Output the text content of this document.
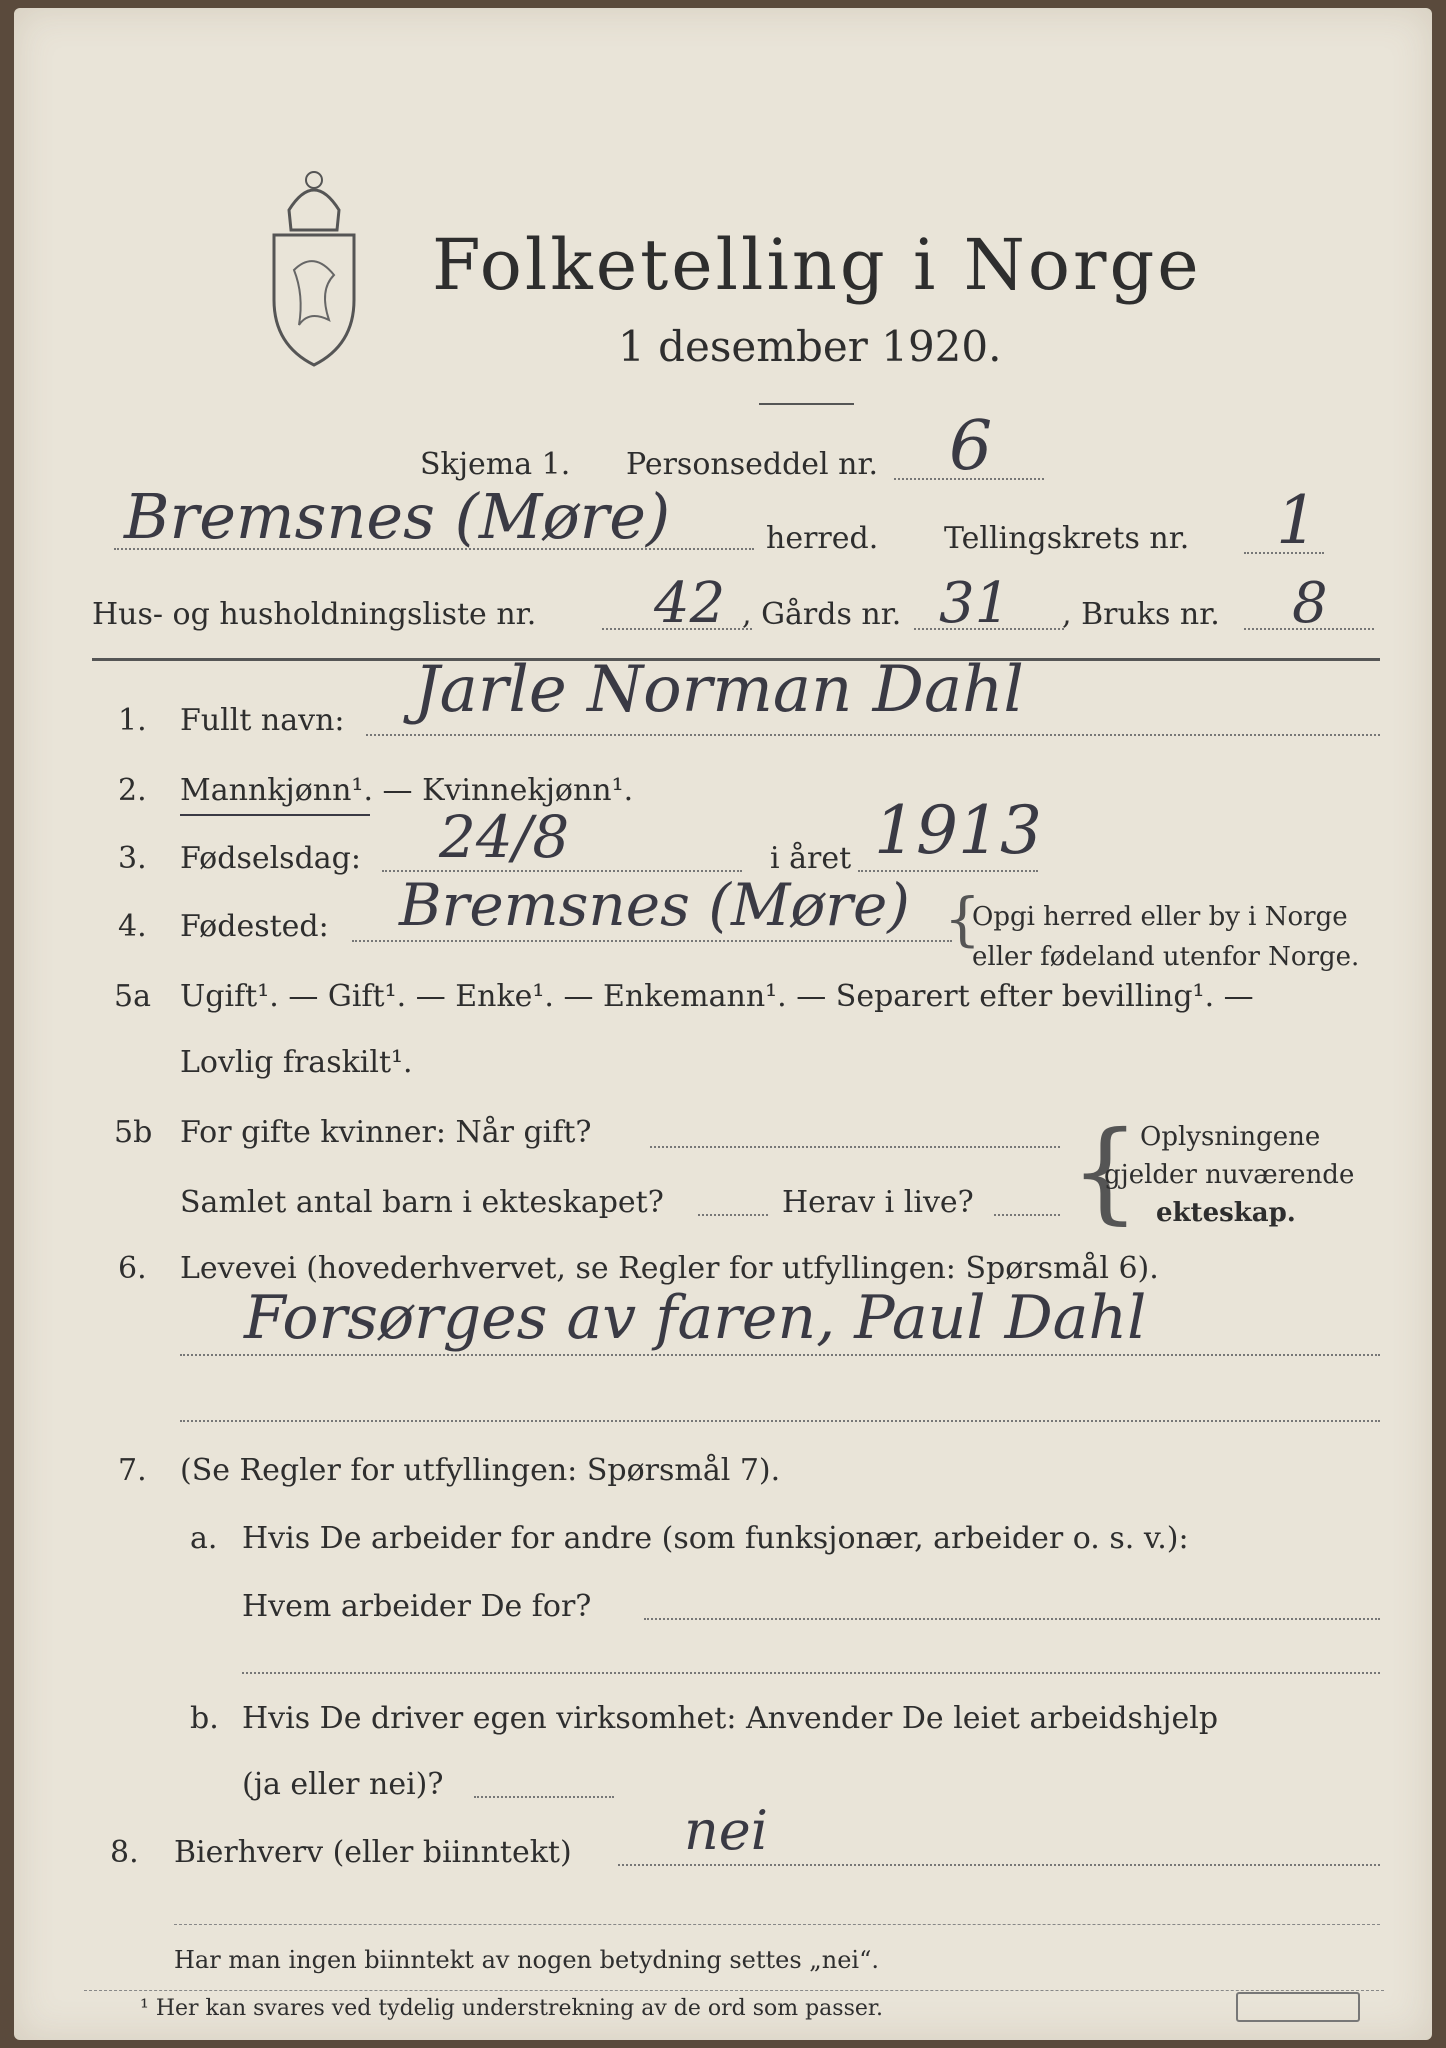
Folketelling i Norge
1 desember 1920.
Skjema 1. Personseddel nr. 6
Bremsnes (Møre)	herred. Tellingskrets nr. 1
Hus- og husholdningsliste nr. 42 , Gårds nr. 31 , Bruks nr. 8
1. Fullt navn: Jarle Norman Dahl
2. Mannkjønn¹. — Kvinnekjønn¹.
3. Fødselsdag: 24/8	i året 1913
4. Fødested: Bremsnes (Møre) {
Opgi herred eller by i Norge
eller fødeland utenfor Norge.
5a Ugift¹. — Gift¹. — Enke¹. — Enkemann¹. — Separert efter bevilling¹. —
Lovlig fraskilt¹.
5b For gifte kvinner: Når gift?
Samlet antal barn i ekteskapet?	Herav i live? { Oplysningene
gjelder nuværende
ekteskap.
6. Levevei (hovederhvervet, se Regler for utfyllingen: Spørsmål 6).
Forsørges av faren, Paul Dahl
7. (Se Regler for utfyllingen: Spørsmål 7).
a. Hvis De arbeider for andre (som funksjonær, arbeider o. s. v.):
Hvem arbeider De for?
b. Hvis De driver egen virksomhet: Anvender De leiet arbeidshjelp
(ja eller nei)?
8. Bierhverv (eller biinntekt) nei
Har man ingen biinntekt av nogen betydning settes „nei“.
¹ Her kan svares ved tydelig understrekning av de ord som passer.
